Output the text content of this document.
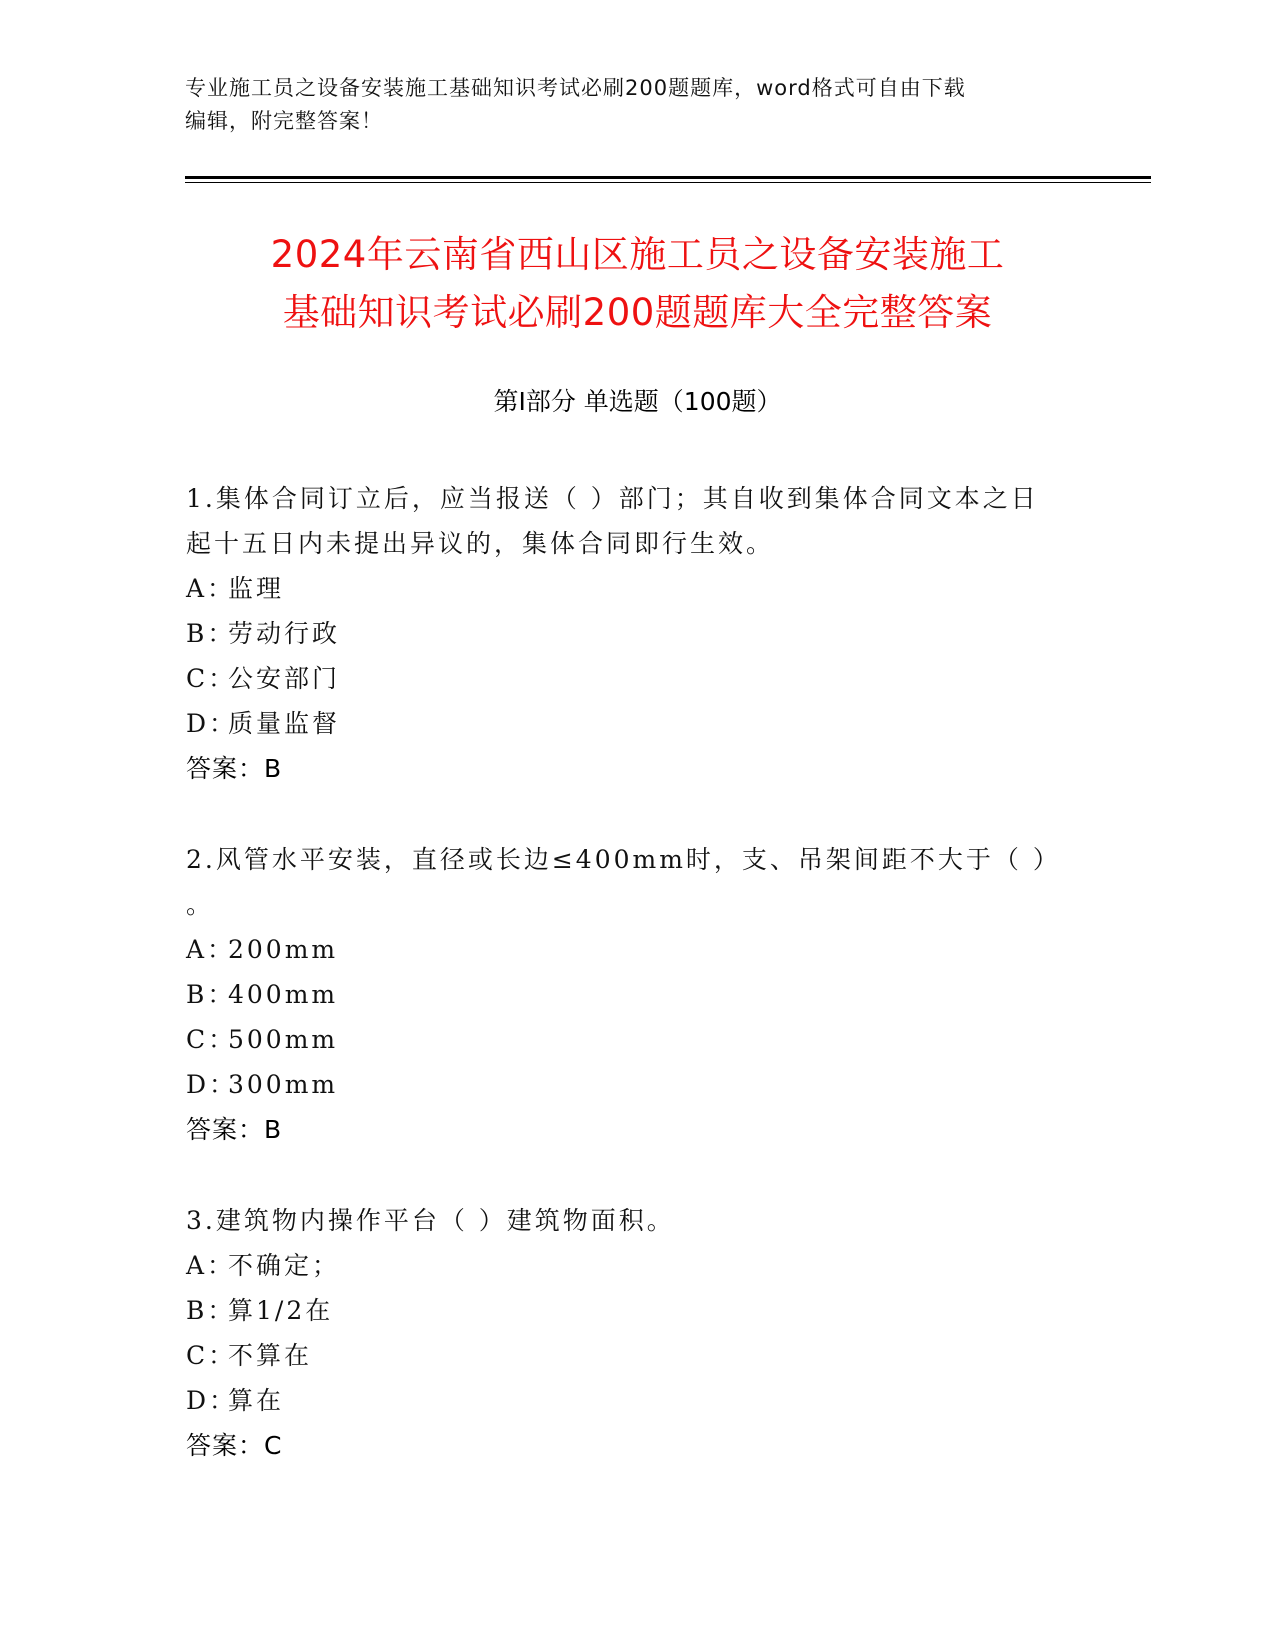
专业施工员之设备安装施工基础知识考试必刷200题题库，word格式可自由下载
编辑，附完整答案！
2024年云南省西山区施工员之设备安装施工
基础知识考试必刷200题题库大全完整答案
第Ⅰ部分 单选题（100题）
1.集体合同订立后，应当报送（ ）部门；其自收到集体合同文本之日
起十五日内未提出异议的，集体合同即行生效。
A：监理
B：劳动行政
C：公安部门
D：质量监督
答案：B
2.风管水平安装，直径或长边≤400mm时，支、吊架间距不大于（ ）
。
A：200mm
B：400mm
C：500mm
D：300mm
答案：B
3.建筑物内操作平台（ ）建筑物面积。
A：不确定；
B：算1/2在
C：不算在
D：算在
答案：C
